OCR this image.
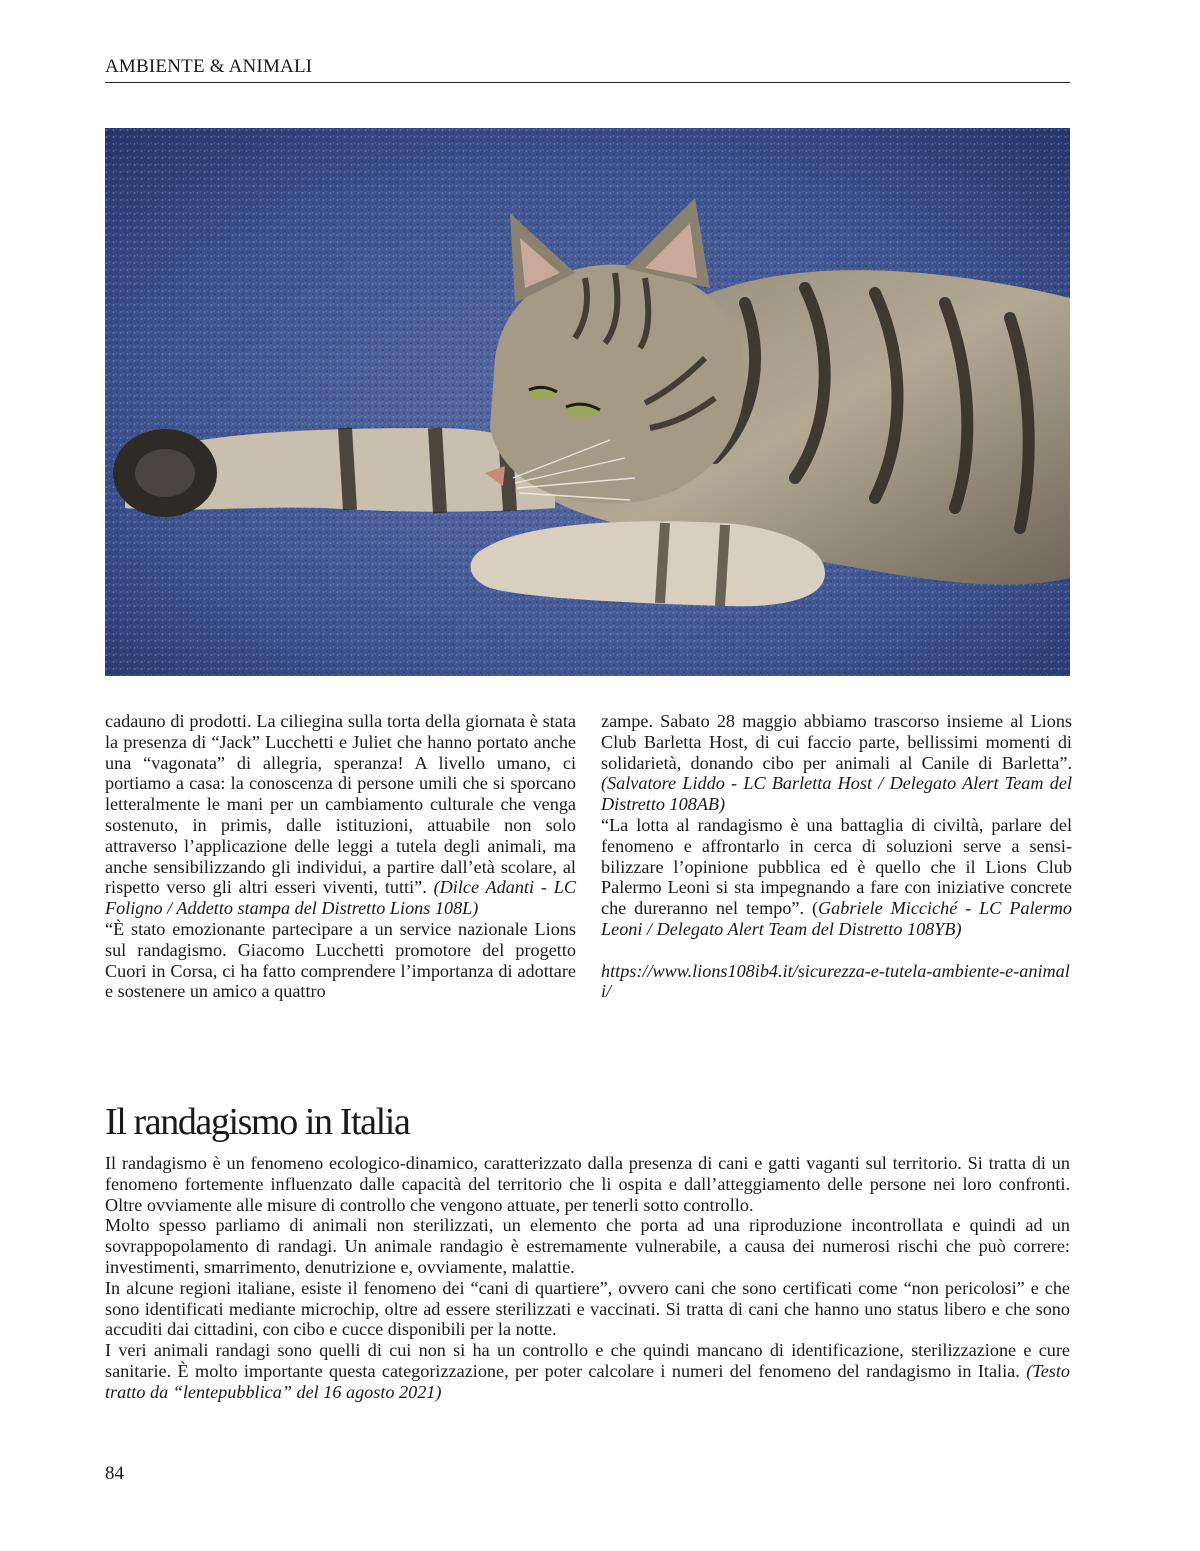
AMBIENTE & ANIMALI

cadauno di prodotti. La ciliegina sulla torta della giornata è stata la presenza di “Jack” Lucchetti e Juliet che hanno portato anche una “vagonata” di allegria, speranza! A livello umano, ci portiamo a casa: la conoscenza di persone umili che si sporcano letteralmente le mani per un cambiamento culturale che venga sostenuto, in primis, dalle istituzioni, attuabile non solo attraverso l’applicazione delle leggi a tutela degli animali, ma anche sensibilizzando gli individui, a partire dall’età scolare, al rispetto verso gli altri esseri viventi, tutti”. (Dilce Adanti - LC Foligno / Addetto stampa del Distretto Lions 108L)

“È stato emozionante partecipare a un service nazionale Lions sul randagismo. Giacomo Lucchetti promotore del progetto Cuori in Corsa, ci ha fatto comprendere l’importanza di adottare e sostenere un amico a quattro

zampe. Sabato 28 maggio abbiamo trascorso insieme al Lions Club Barletta Host, di cui faccio parte, bellissimi momenti di solidarietà, donando cibo per animali al Canile di Barletta”. (Salvatore Liddo - LC Barletta Host / Delegato Alert Team del Distretto 108AB)

“La lotta al randagismo è una battaglia di civiltà, parlare del fenomeno e affrontarlo in cerca di soluzioni serve a sensibilizzare l’opinione pubblica ed è quello che il Lions Club Palermo Leoni si sta impegnando a fare con iniziative concrete che dureranno nel tempo”. (Gabriele Micciché - LC Palermo Leoni / Delegato Alert Team del Distretto 108YB)

https://www.lions108ib4.it/sicurezza-e-tutela-ambiente-e-animali/
Il randagismo in Italia

Il randagismo è un fenomeno ecologico-dinamico, caratterizzato dalla presenza di cani e gatti vaganti sul territorio. Si tratta di un fenomeno fortemente influenzato dalle capacità del territorio che li ospita e dall’atteggiamento delle persone nei loro confronti. Oltre ovviamente alle misure di controllo che vengono attuate, per tenerli sotto controllo.

Molto spesso parliamo di animali non sterilizzati, un elemento che porta ad una riproduzione incontrollata e quindi ad un sovrappopolamento di randagi. Un animale randagio è estremamente vulnerabile, a causa dei numerosi rischi che può correre: investimenti, smarrimento, denutrizione e, ovviamente, malattie.

In alcune regioni italiane, esiste il fenomeno dei “cani di quartiere”, ovvero cani che sono certificati come “non pericolosi” e che sono identificati mediante microchip, oltre ad essere sterilizzati e vaccinati. Si tratta di cani che hanno uno status libero e che sono accuditi dai cittadini, con cibo e cucce disponibili per la notte.

I veri animali randagi sono quelli di cui non si ha un controllo e che quindi mancano di identificazione, sterilizzazione e cure sanitarie. È molto importante questa categorizzazione, per poter calcolare i numeri del fenomeno del randagismo in Italia. (Testo tratto da “lentepubblica” del 16 agosto 2021)

84
